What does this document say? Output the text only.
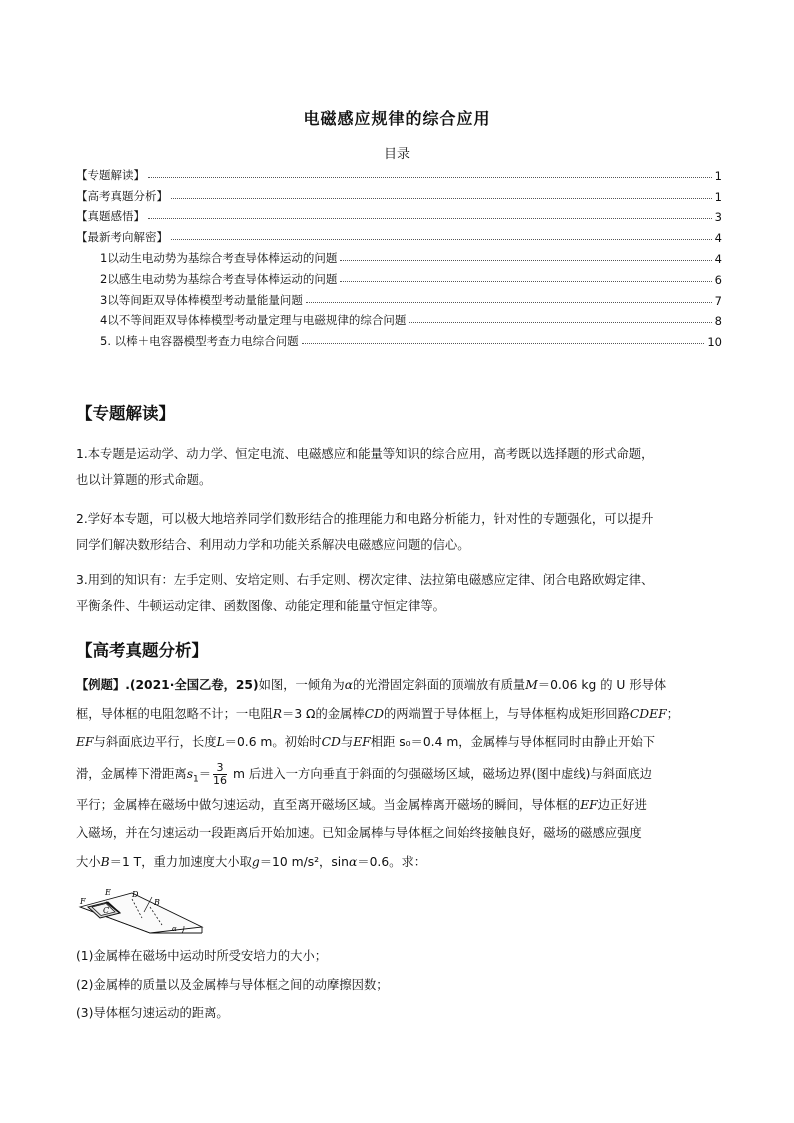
电磁感应规律的综合应用
目录
【专题解读】	1
【高考真题分析】	1
【真题感悟】	3
【最新考向解密】	4
1以动生电动势为基综合考查导体棒运动的问题	4
2以感生电动势为基综合考查导体棒运动的问题	6
3以等间距双导体棒模型考动量能量问题	7
4以不等间距双导体棒模型考动量定理与电磁规律的综合问题	8
5. 以棒＋电容器模型考查力电综合问题	10
【专题解读】
1.本专题是运动学、动力学、恒定电流、电磁感应和能量等知识的综合应用，高考既以选择题的形式命题，
也以计算题的形式命题。
2.学好本专题，可以极大地培养同学们数形结合的推理能力和电路分析能力，针对性的专题强化，可以提升
同学们解决数形结合、利用动力学和功能关系解决电磁感应问题的信心。
3.用到的知识有：左手定则、安培定则、右手定则、楞次定律、法拉第电磁感应定律、闭合电路欧姆定律、
平衡条件、牛顿运动定律、函数图像、动能定理和能量守恒定律等。
【高考真题分析】
【例题】.(2021·全国乙卷，25)如图，一倾角为α的光滑固定斜面的顶端放有质量M＝0.06 kg 的 U 形导体
框，导体框的电阻忽略不计；一电阻R＝3 Ω的金属棒CD的两端置于导体框上，与导体框构成矩形回路CDEF；
EF与斜面底边平行，长度L＝0.6 m。初始时CD与EF相距 s₀＝0.4 m，金属棒与导体框同时由静止开始下
滑，金属棒下滑距离$s_1= \frac{3}{16}$ m 后进入一方向垂直于斜面的匀强磁场区域，磁场边界(图中虚线)与斜面底边
平行；金属棒在磁场中做匀速运动，直至离开磁场区域。当金属棒离开磁场的瞬间，导体框的EF边正好进
入磁场，并在匀速运动一段距离后开始加速。已知金属棒与导体框之间始终接触良好，磁场的磁感应强度
大小B＝1 T，重力加速度大小取g＝10 m/s²，sinα＝0.6。求：
E	D
F
C
B
α
(1)金属棒在磁场中运动时所受安培力的大小；
(2)金属棒的质量以及金属棒与导体框之间的动摩擦因数；
(3)导体框匀速运动的距离。
